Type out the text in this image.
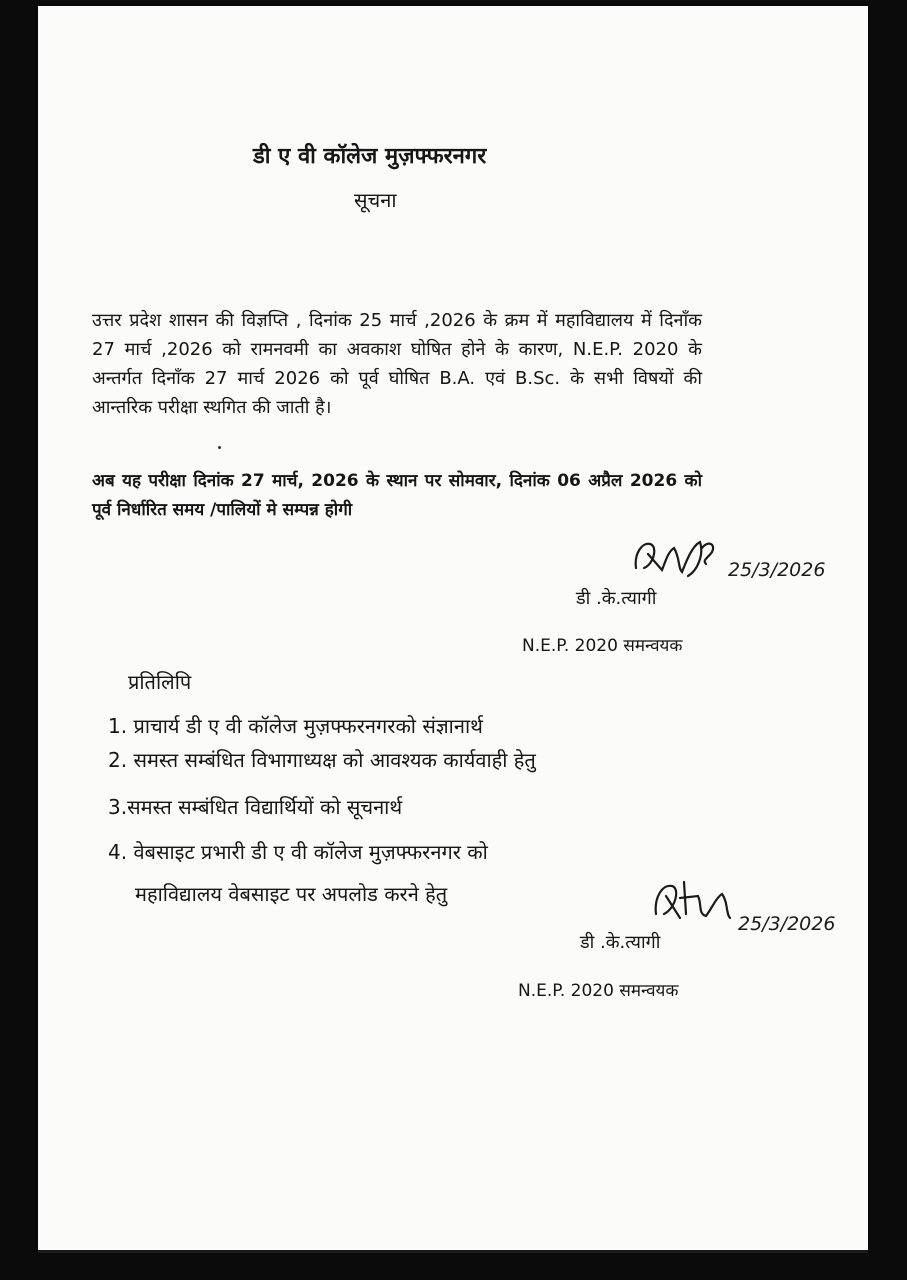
डी ए वी कॉलेज मुज़फ्फरनगर
सूचना
उत्तर प्रदेश शासन की विज्ञप्ति , दिनांक 25 मार्च ,2026 के क्रम में महाविद्यालय में दिनाँक 27 मार्च ,2026 को रामनवमी का अवकाश घोषित होने के कारण, N.E.P. 2020 के अन्तर्गत दिनाँक 27 मार्च 2026 को पूर्व घोषित B.A. एवं B.Sc. के सभी विषयों की आन्तरिक परीक्षा स्थगित की जाती है।
अब यह परीक्षा दिनांक 27 मार्च, 2026 के स्थान पर सोमवार, दिनांक 06 अप्रैल 2026 को पूर्व निर्धारित समय /पालियों मे सम्पन्न होगी
25/3/2026
डी .के.त्यागी
N.E.P. 2020 समन्वयक
प्रतिलिपि
1. प्राचार्य डी ए वी कॉलेज मुज़फ्फरनगरको संज्ञानार्थ
2. समस्त सम्बंधित विभागाध्यक्ष को आवश्यक कार्यवाही हेतु
3.समस्त सम्बंधित विद्यार्थियों को सूचनार्थ
4. वेबसाइट प्रभारी डी ए वी कॉलेज मुज़फ्फरनगर को
महाविद्यालय वेबसाइट पर अपलोड करने हेतु
25/3/2026
डी .के.त्यागी
N.E.P. 2020 समन्वयक
